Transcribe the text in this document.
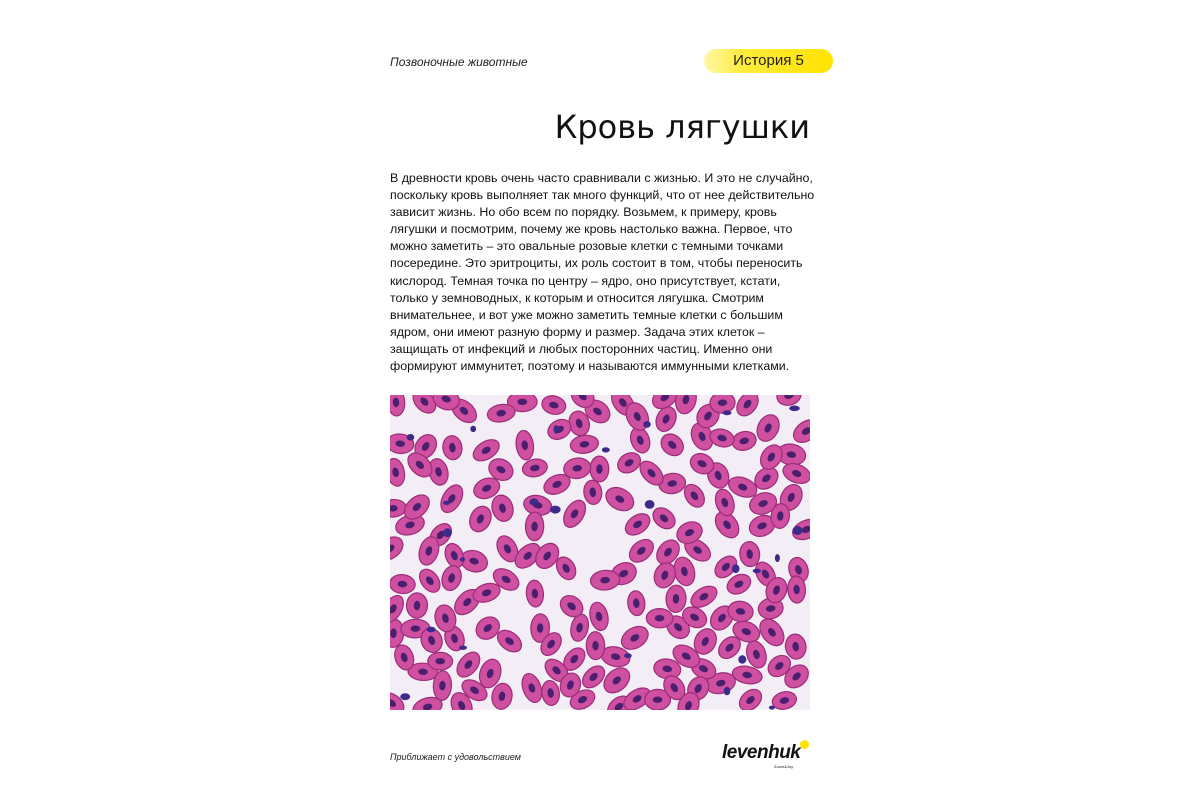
Позвоночные животные	История 5
Кровь лягушки

В древности кровь очень часто сравнивали с жизнью. И это не случайно, поскольку кровь выполняет так много функций, что от нее действительно зависит жизнь. Но обо всем по порядку. Возьмем, к примеру, кровь лягушки и посмотрим, почему же кровь настолько важна. Первое, что можно заметить – это овальные розовые клетки с темными точками посередине. Это эритроциты, их роль состоит в том, чтобы переносить кислород. Темная точка по центру – ядро, оно присутствует, кстати, только у земноводных, к которым и относится лягушка. Смотрим внимательнее, и вот уже можно заметить темные клетки с большим ядром, они имеют разную форму и размер. Задача этих клеток – защищать от инфекций и любых посторонних частиц. Именно они формируют иммунитет, поэтому и называются иммунными клетками.

Приближает с удовольствием	levenhuk
Zoom&Joy
